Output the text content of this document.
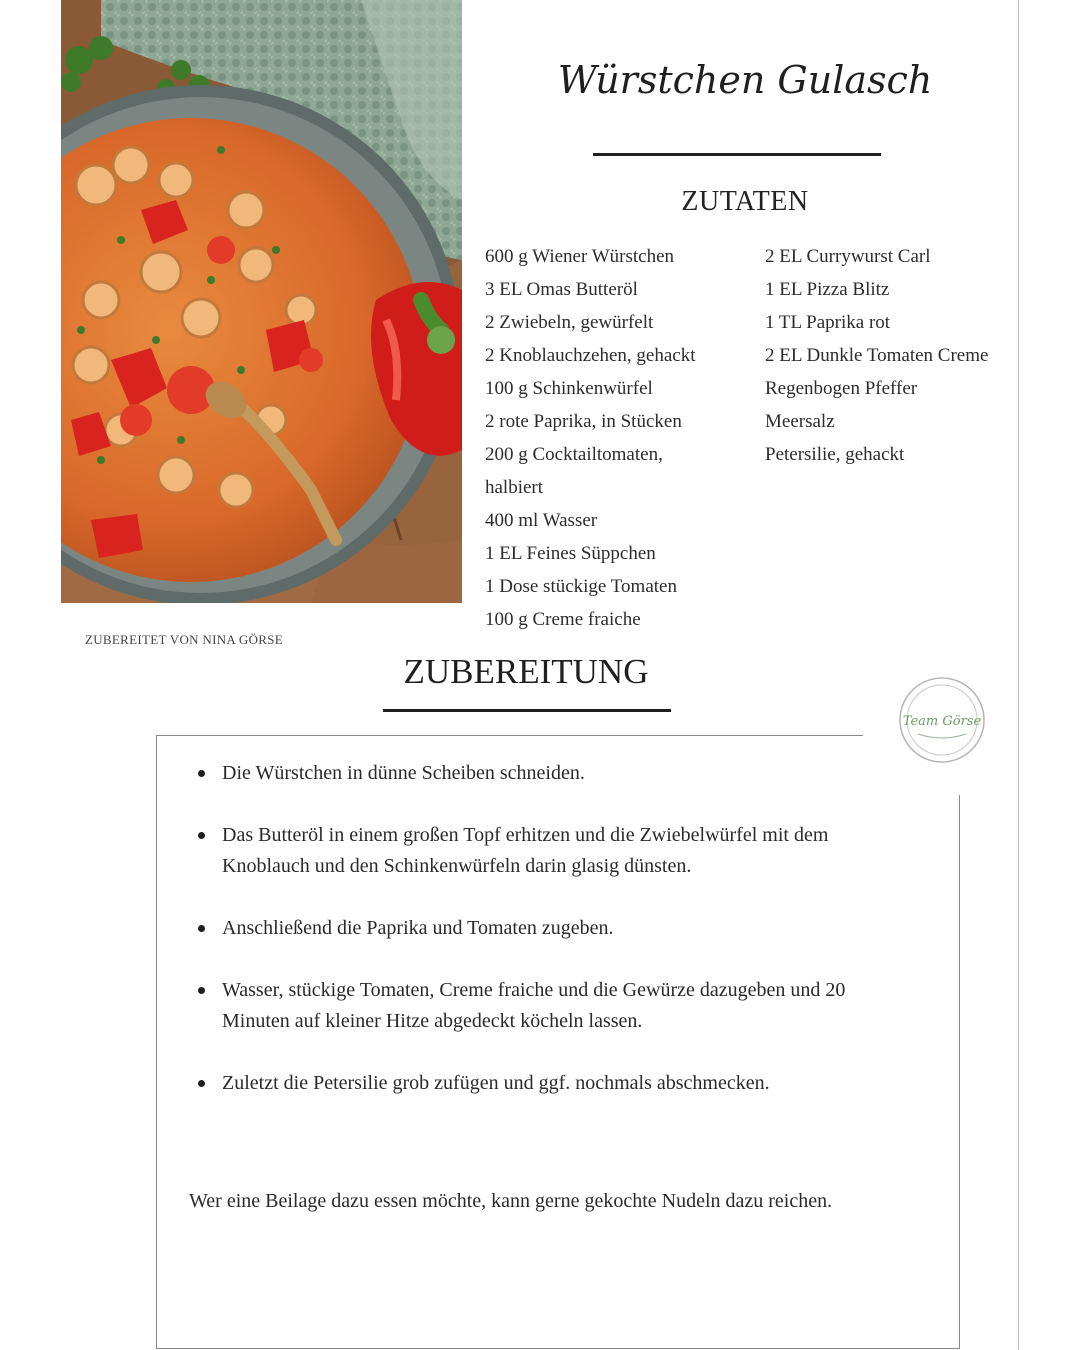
Würstchen Gulasch
ZUTATEN
600 g Wiener Würstchen
3 EL Omas Butteröl
2 Zwiebeln, gewürfelt
2 Knoblauchzehen, gehackt
100 g Schinkenwürfel
2 rote Paprika, in Stücken
200 g Cocktailtomaten,
halbiert
400 ml Wasser
1 EL Feines Süppchen
1 Dose stückige Tomaten
100 g Creme fraiche
2 EL Currywurst Carl
1 EL Pizza Blitz
1 TL Paprika rot
2 EL Dunkle Tomaten Creme
Regenbogen Pfeffer
Meersalz
Petersilie, gehackt
ZUBEREITET VON NINA GÖRSE
ZUBEREITUNG
Team Görse
Die Würstchen in dünne Scheiben schneiden.
Das Butteröl in einem großen Topf erhitzen und die Zwiebelwürfel mit dem Knoblauch und den Schinkenwürfeln darin glasig dünsten.
Anschließend die Paprika und Tomaten zugeben.
Wasser, stückige Tomaten, Creme fraiche und die Gewürze dazugeben und 20 Minuten auf kleiner Hitze abgedeckt köcheln lassen.
Zuletzt die Petersilie grob zufügen und ggf. nochmals abschmecken.
Wer eine Beilage dazu essen möchte, kann gerne gekochte Nudeln dazu reichen.
